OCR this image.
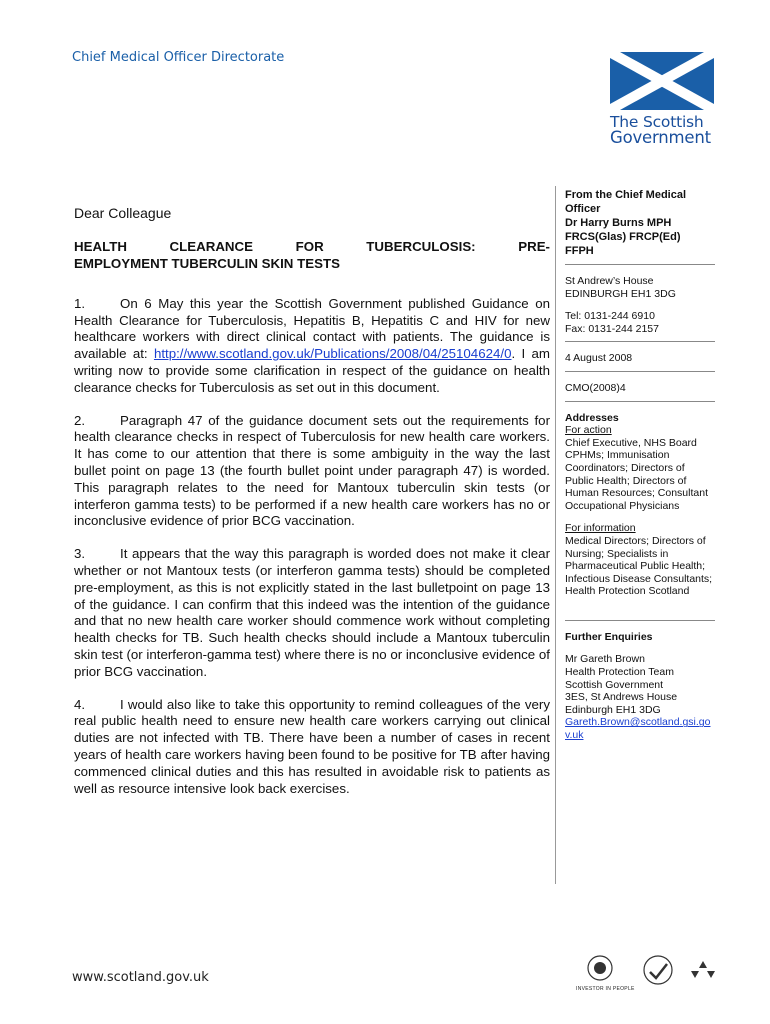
Chief Medical Officer Directorate
The Scottish
Government
Dear Colleague
HEALTH	CLEARANCE	FOR	TUBERCULOSIS:	PRE-
EMPLOYMENT TUBERCULIN SKIN TESTS
1.	On 6 May this year the Scottish Government published Guidance on Health Clearance for Tuberculosis, Hepatitis B, Hepatitis C and HIV for new healthcare workers with direct clinical contact with patients. The guidance is available at: http://www.scotland.gov.uk/Publications/2008/04/25104624/0. I am writing now to provide some clarification in respect of the guidance on health clearance checks for Tuberculosis as set out in this document.
2.	Paragraph 47 of the guidance document sets out the requirements for health clearance checks in respect of Tuberculosis for new health care workers. It has come to our attention that there is some ambiguity in the way the last bullet point on page 13 (the fourth bullet point under paragraph 47) is worded. This paragraph relates to the need for Mantoux tuberculin skin tests (or interferon gamma tests) to be performed if a new health care workers has no or inconclusive evidence of prior BCG vaccination.
3.	It appears that the way this paragraph is worded does not make it clear whether or not Mantoux tests (or interferon gamma tests) should be completed pre-employment, as this is not explicitly stated in the last bulletpoint on page 13 of the guidance. I can confirm that this indeed was the intention of the guidance and that no new health care worker should commence work without completing health checks for TB. Such health checks should include a Mantoux tuberculin skin test (or interferon-gamma test) where there is no or inconclusive evidence of prior BCG vaccination.
4.	I would also like to take this opportunity to remind colleagues of the very real public health need to ensure new health care workers carrying out clinical duties are not infected with TB. There have been a number of cases in recent years of health care workers having been found to be positive for TB after having commenced clinical duties and this has resulted in avoidable risk to patients as well as resource intensive look back exercises.
From the Chief Medical
Officer
Dr Harry Burns MPH
FRCS(Glas) FRCP(Ed)
FFPH
St Andrew’s House
EDINBURGH EH1 3DG
Tel: 0131-244 6910
Fax: 0131-244 2157
4 August 2008
CMO(2008)4
Addresses
For action
Chief Executive, NHS Board CPHMs; Immunisation Coordinators; Directors of Public Health; Directors of Human Resources; Consultant Occupational Physicians
For information
Medical Directors; Directors of Nursing; Specialists in Pharmaceutical Public Health; Infectious Disease Consultants; Health Protection Scotland
Further Enquiries
Mr Gareth Brown
Health Protection Team
Scottish Government
3ES, St Andrews House
Edinburgh EH1 3DG
Gareth.Brown@scotland.gsi.gov.uk
www.scotland.gov.uk
INVESTOR IN PEOPLE
